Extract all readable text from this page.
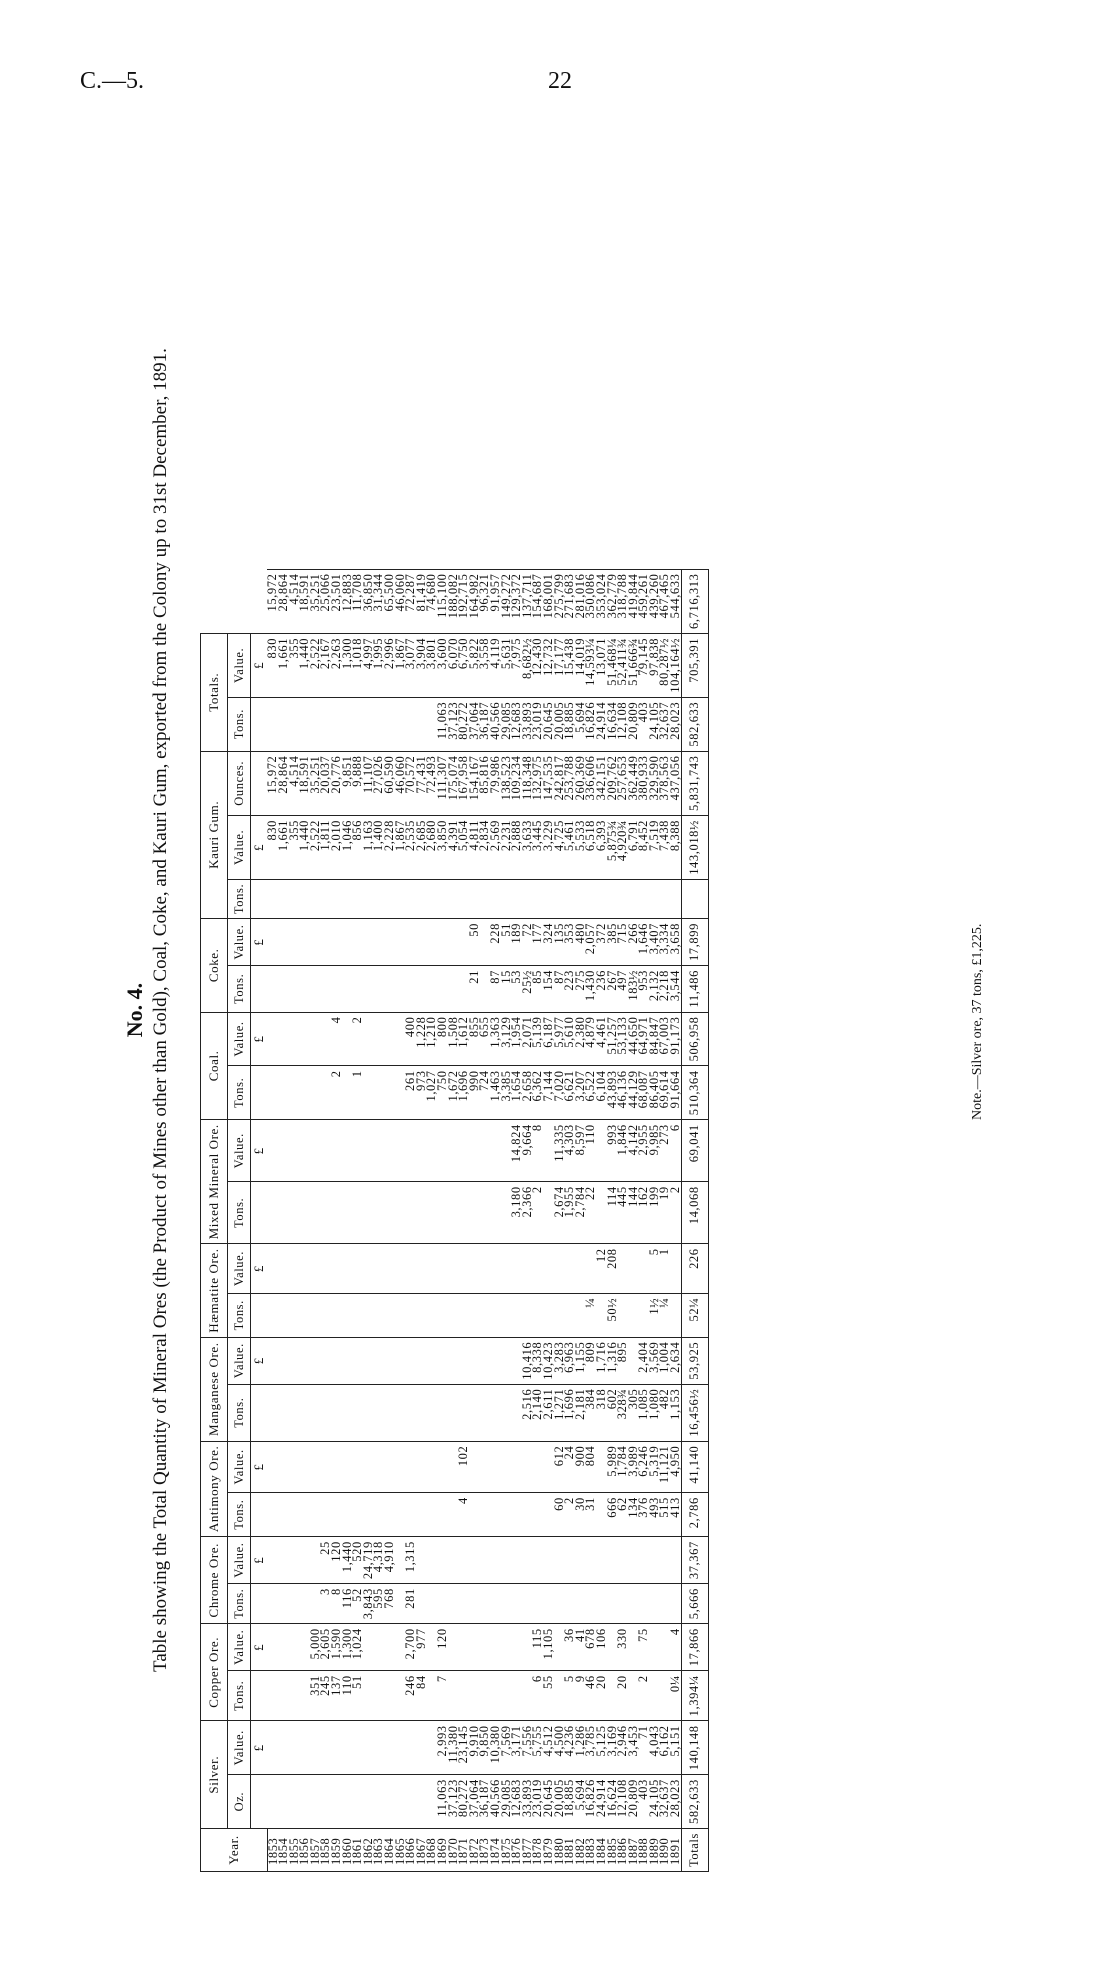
C.—5.	22
No. 4. Table showing the Total Quantity of Mineral Ores (the Product of Mines other than Gold), Coal, Coke, and Kauri Gum, exported from the Colony up to 31st December, 1891.
Year.	Silver.		Copper Ore.		Chrome Ore.		Antimony Ore.		Manganese Ore.		Hæmatite Ore.		Mixed Mineral Ore.		Coal.		Coke.		Kauri Gum.			Totals.		
	Oz.	Value.	Tons.	Value.	Tons.	Value.	Tons.	Value.	Tons.	Value.	Tons.	Value.	Tons.	Value.	Tons.	Value.	Tons.	Value.	Tons.	Value.	Ounces.	Tons.	Value.	
		£		£		£		£		£		£		£		£		£		£			£	
1853																				830	15,972		830	15,972
1854																				1,661	28,864		1,661	28,864
1855																				355	4,514		355	4,514
1856																				1,440	18,591		1,440	18,591
1857			351	5,000																2,522	35,251		2,522	35,251
1858			245	2,605	3	25														1,811	20,037		2,167	25,066
1859			137	1,590	8	120									2	4				2,010	20,776		2,263	23,501
1860			110	1,300	116	1,440														1,046	9,851		1,300	12,883
1861			51	1,024	52	520									1	2				856	9,888		1,018	11,708
1862					3,843	24,719														1,163	11,107		4,997	36,850
1863					595	4,318														1,400	27,026		1,995	31,344
1864					768	4,910														2,228	60,590		2,996	65,500
1865																				1,867	46,060		1,867	46,060
1866			246	2,700	281	1,315									261	400				2,535	70,572		3,077	72,287
1867			84	977											973	1,228				2,685	77,431		3,904	81,419
1868															1,027	1,210				2,680	72,493		3,801	74,680
1869	11,063	2,993	7	120											750	800				3,850	111,307	11,063	3,600	115,100
1870	37,123	11,380													1,672	1,508				4,391	175,074	37,123	6,070	188,082
1871	80,272	23,145					4	102							1,696	1,612				5,054	167,958	80,272	6,750	192,715
1872	37,064	9,910													990	855	21	50		4,811	154,167	37,064	5,822	164,982
1873	36,187	9,850													724	655				2,834	85,816	36,187	3,558	96,321
1874	40,566	10,380													1,463	1,363	87	228		2,569	79,986	40,566	4,119	91,957
1875	29,085	7,569													3,385	3,129	15	51		2,231	138,523	29,085	5,631	149,272
1876	12,683	3,171											3,180	14,824	1,654	1,954	53	189		2,888	109,234	12,683	7,975	129,372
1877	33,893	7,556							2,516	10,416			2,366	9,664	2,658	2,071	25½	72		3,633	118,348	33,893	8,682½	137,711
1878	23,019	5,755	6	115					2,140	8,338			2	8	6,362	5,139	85	177		3,445	132,975	23,019	12,430	154,687
1879	20,645	4,512	55	1,105					2,611	10,423					7,144	6,187	154	324		3,229	147,535	20,645	12,732	168,001
1880	20,005	4,500					60	612	1,271	3,283			2,674	11,335	7,020	5,977	87	135		4,725	242,817	20,005	17,177	275,799
1881	18,885	4,236	5	36			2	24	1,696	6,963			1,955	4,303	6,621	5,610	223	353		5,461	253,788	18,885	15,438	271,683
1882	5,694	1,286	9	41			30	900	2,181	1,155			2,784	8,597	3,207	2,380	275	480		5,533	260,369	5,694	14,019	281,016
1883	16,826	3,785	46	678			31	804	384	809	¼		22	110	6,522	4,879	1,430	2,057		6,518	336,606	16,826	14,593¼	350,086
1884	24,914	5,125	20	106					318	1,716		12			6,104	4,461	236	372		6,393	342,151	24,914	13,071	353,024
1885	16,624	3,169					666	5,989	602	1,316	50½	208	114	993	43,893	51,257	267	385		5,875¾	209,762	16,634	51,468¼	362,779
1886	12,108	2,946	20	330			62	1,784	328¾	895			445	1,846	46,136	53,133	497	715		4,920¾	257,653	12,108	52,411¾	318,788
1887	20,809	3,453					134	3,989	305				144	4,142	44,129	44,650	183½	266		6,791	362,449	20,809	51,666¾	419,844
1888	403	71	2	75			376	6,246	1,085	2,404			162	2,955	68,087	64,971	953	1,646		8,452	380,933	403	79,145	459,261
1889	24,105	4,043					493	5,319	1,080	3,569	1½	5	199	9,985	86,405	84,847	2,132	3,407		7,519	329,590	24,105	97,838	439,260
1890	32,637	6,162					515	11,121	482	1,004	¼	1	19	273	69,614	67,003	2,218	3,334		7,438	378,563	32,637	80,287½	467,465
1891	28,023	5,151	0¼	4			413	4,950	1,153	2,634			2	6	91,664	91,173	3,544	3,658		8,388	437,056	28,023	104,164½	544,633
Totals	582,633	140,148	1,394¼	17,866	5,666	37,367	2,786	41,140	16,456½	53,925	52¼	226	14,068	69,041	510,364	506,958	11,486	17,899		143,018½	5,831,743	582,633	705,391	6,716,313
Note.—Silver ore, 37 tons, £1,225.
